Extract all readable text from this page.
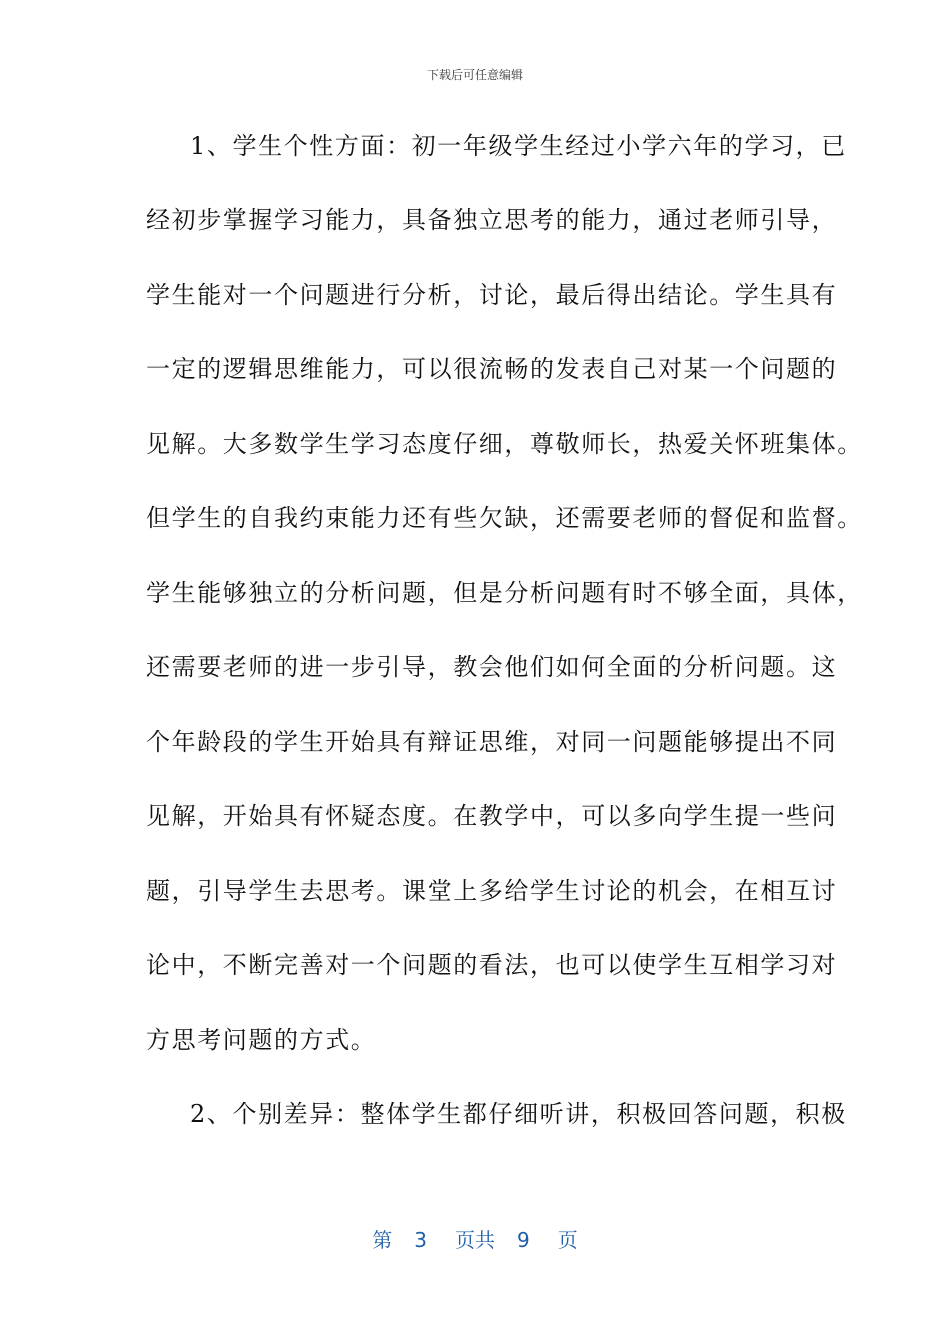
下载后可任意编辑
1、学生个性方面：初一年级学生经过小学六年的学习，已
经初步掌握学习能力，具备独立思考的能力，通过老师引导，
学生能对一个问题进行分析，讨论，最后得出结论。学生具有
一定的逻辑思维能力，可以很流畅的发表自己对某一个问题的
见解。大多数学生学习态度仔细，尊敬师长，热爱关怀班集体。
但学生的自我约束能力还有些欠缺，还需要老师的督促和监督。
学生能够独立的分析问题，但是分析问题有时不够全面，具体，
还需要老师的进一步引导，教会他们如何全面的分析问题。这
个年龄段的学生开始具有辩证思维，对同一问题能够提出不同
见解，开始具有怀疑态度。在教学中，可以多向学生提一些问
题，引导学生去思考。课堂上多给学生讨论的机会，在相互讨
论中，不断完善对一个问题的看法，也可以使学生互相学习对
方思考问题的方式。
2、个别差异：整体学生都仔细听讲，积极回答问题，积极
第 3 页共 9 页
